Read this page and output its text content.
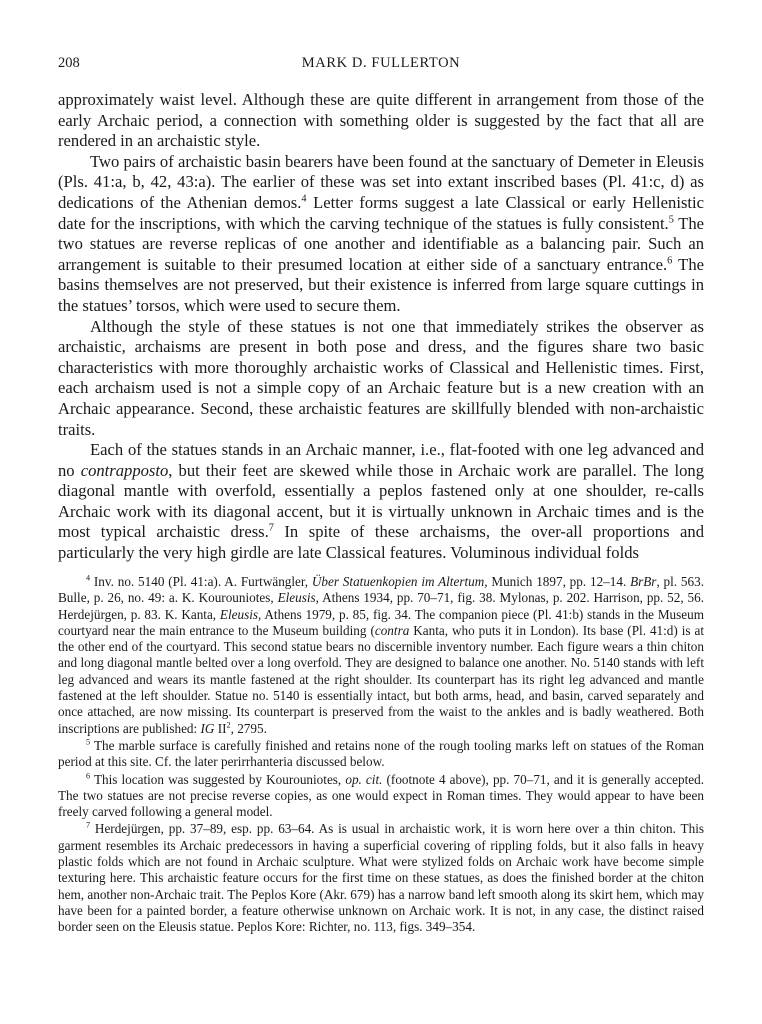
208	MARK D. FULLERTON

approximately waist level. Although these are quite different in arrangement from those of the early Archaic period, a connection with something older is suggested by the fact that all are rendered in an archaistic style.

Two pairs of archaistic basin bearers have been found at the sanctuary of Demeter in Eleusis (Pls. 41:a, b, 42, 43:a). The earlier of these was set into extant inscribed bases (Pl. 41:c, d) as dedications of the Athenian demos.$^4$ Letter forms suggest a late Classical or early Hellenistic date for the inscriptions, with which the carving technique of the statues is fully consistent.$^5$ The two statues are reverse replicas of one another and identifiable as a balancing pair. Such an arrangement is suitable to their presumed location at either side of a sanctuary entrance.$^6$ The basins themselves are not preserved, but their existence is inferred from large square cuttings in the statues’ torsos, which were used to secure them.

Although the style of these statues is not one that immediately strikes the observer as archaistic, archaisms are present in both pose and dress, and the figures share two basic characteristics with more thoroughly archaistic works of Classical and Hellenistic times. First, each archaism used is not a simple copy of an Archaic feature but is a new creation with an Archaic appearance. Second, these archaistic features are skillfully blended with non-archaistic traits.

Each of the statues stands in an Archaic manner, i.e., flat-footed with one leg advanced and no contrapposto, but their feet are skewed while those in Archaic work are parallel. The long diagonal mantle with overfold, essentially a peplos fastened only at one shoulder, re-calls Archaic work with its diagonal accent, but it is virtually unknown in Archaic times and is the most typical archaistic dress.$^7$ In spite of these archaisms, the over-all proportions and particularly the very high girdle are late Classical features. Voluminous individual folds

$^4$ Inv. no. 5140 (Pl. 41:a). A. Furtwängler, Über Statuenkopien im Altertum, Munich 1897, pp. 12–14. BrBr, pl. 563. Bulle, p. 26, no. 49: a. K. Kourouniotes, Eleusis, Athens 1934, pp. 70–71, fig. 38. Mylonas, p. 202. Harrison, pp. 52, 56. Herdejürgen, p. 83. K. Kanta, Eleusis, Athens 1979, p. 85, fig. 34. The companion piece (Pl. 41:b) stands in the Museum courtyard near the main entrance to the Museum building (contra Kanta, who puts it in London). Its base (Pl. 41:d) is at the other end of the courtyard. This second statue bears no discernible inventory number. Each figure wears a thin chiton and long diagonal mantle belted over a long overfold. They are designed to balance one another. No. 5140 stands with left leg advanced and wears its mantle fastened at the right shoulder. Its counterpart has its right leg advanced and mantle fastened at the left shoulder. Statue no. 5140 is essentially intact, but both arms, head, and basin, carved separately and once attached, are now missing. Its counterpart is preserved from the waist to the ankles and is badly weathered. Both inscriptions are published: IG $II^2$, 2795.

$^5$ The marble surface is carefully finished and retains none of the rough tooling marks left on statues of the Roman period at this site. Cf. the later perirrhanteria discussed below.

$^6$ This location was suggested by Kourouniotes, op. cit. (footnote 4 above), pp. 70–71, and it is generally accepted. The two statues are not precise reverse copies, as one would expect in Roman times. They would appear to have been freely carved following a general model.

$^7$ Herdejürgen, pp. 37–89, esp. pp. 63–64. As is usual in archaistic work, it is worn here over a thin chiton. This garment resembles its Archaic predecessors in having a superficial covering of rippling folds, but it also falls in heavy plastic folds which are not found in Archaic sculpture. What were stylized folds on Archaic work have become simple texturing here. This archaistic feature occurs for the first time on these statues, as does the finished border at the chiton hem, another non-Archaic trait. The Peplos Kore (Akr. 679) has a narrow band left smooth along its skirt hem, which may have been for a painted border, a feature otherwise unknown on Archaic work. It is not, in any case, the distinct raised border seen on the Eleusis statue. Peplos Kore: Richter, no. 113, figs. 349–354.
